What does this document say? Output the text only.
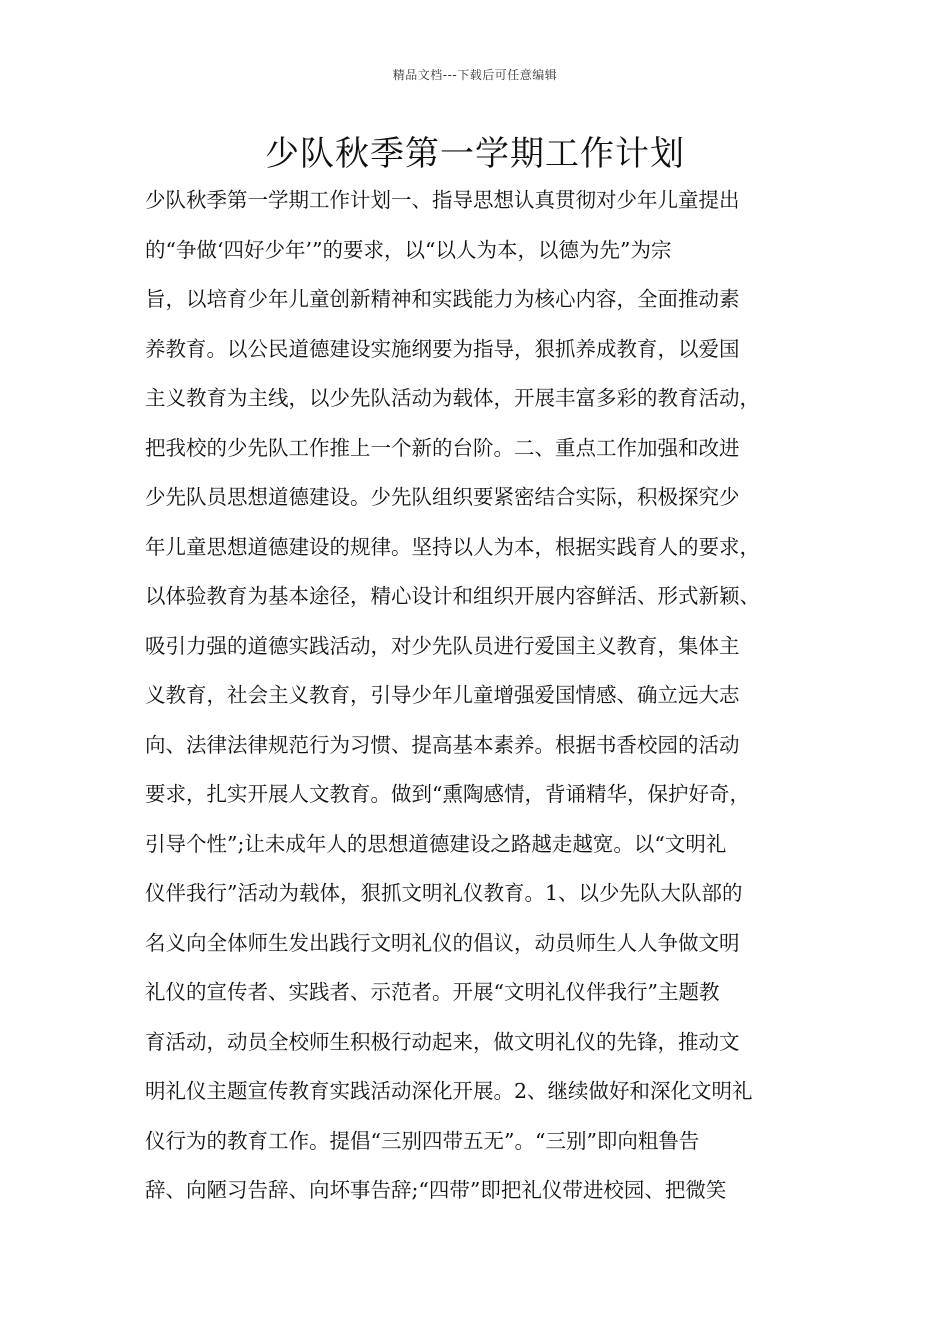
精品文档---下载后可任意编辑
少队秋季第一学期工作计划
少队秋季第一学期工作计划一、指导思想认真贯彻对少年儿童提出
的“争做‘四好少年’”的要求，以“以人为本，以德为先”为宗
旨，以培育少年儿童创新精神和实践能力为核心内容，全面推动素
养教育。以公民道德建设实施纲要为指导，狠抓养成教育，以爱国
主义教育为主线，以少先队活动为载体，开展丰富多彩的教育活动，
把我校的少先队工作推上一个新的台阶。二、重点工作加强和改进
少先队员思想道德建设。少先队组织要紧密结合实际，积极探究少
年儿童思想道德建设的规律。坚持以人为本，根据实践育人的要求，
以体验教育为基本途径，精心设计和组织开展内容鲜活、形式新颖、
吸引力强的道德实践活动，对少先队员进行爱国主义教育，集体主
义教育，社会主义教育，引导少年儿童增强爱国情感、确立远大志
向、法律法律规范行为习惯、提高基本素养。根据书香校园的活动
要求，扎实开展人文教育。做到“熏陶感情，背诵精华，保护好奇，
引导个性”;让未成年人的思想道德建设之路越走越宽。以“文明礼
仪伴我行”活动为载体，狠抓文明礼仪教育。1、以少先队大队部的
名义向全体师生发出践行文明礼仪的倡议，动员师生人人争做文明
礼仪的宣传者、实践者、示范者。开展“文明礼仪伴我行”主题教
育活动，动员全校师生积极行动起来，做文明礼仪的先锋，推动文
明礼仪主题宣传教育实践活动深化开展。2、继续做好和深化文明礼
仪行为的教育工作。提倡“三别四带五无”。“三别”即向粗鲁告
辞、向陋习告辞、向坏事告辞;“四带”即把礼仪带进校园、把微笑
